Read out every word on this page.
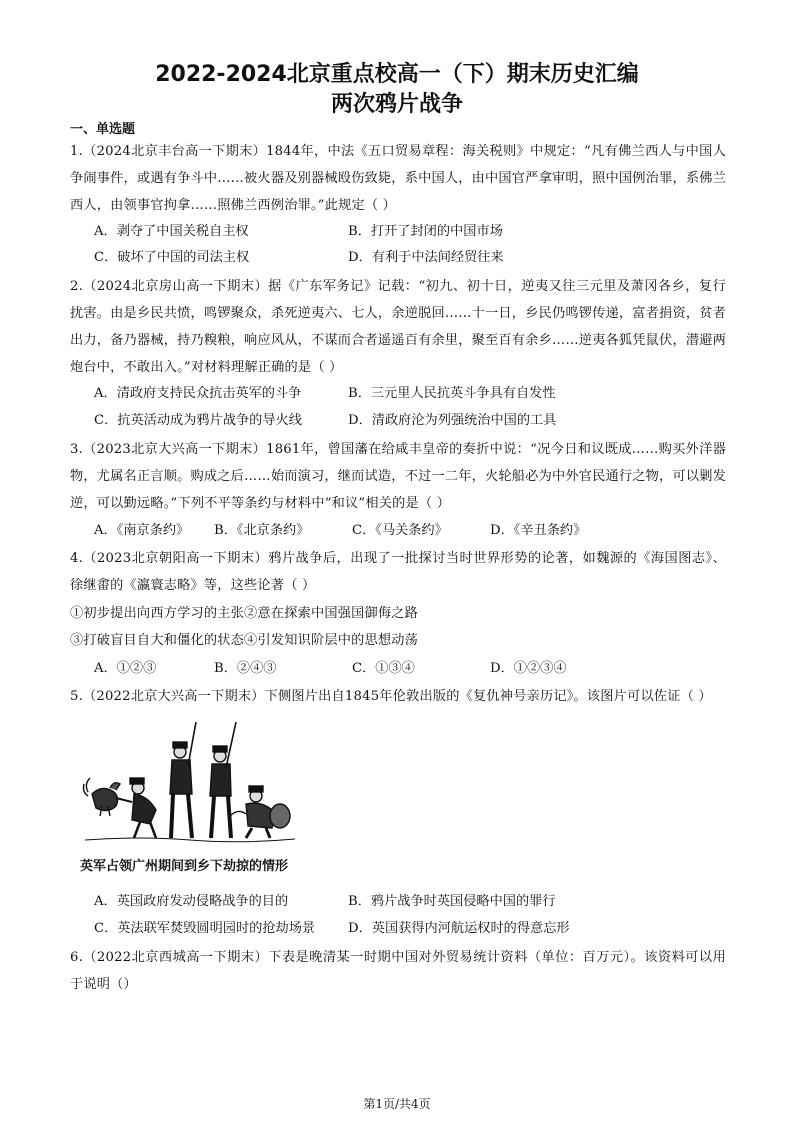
2022-2024北京重点校高一（下）期末历史汇编
两次鸦片战争
一、单选题
1.（2024北京丰台高一下期末）1844年，中法《五口贸易章程：海关税则》中规定：“凡有佛兰西人与中国人争闹事件，或遇有争斗中……被火器及别器械殴伤致毙，系中国人，由中国官严拿审明，照中国例治罪，系佛兰西人，由领事官拘拿……照佛兰西例治罪。”此规定（ ）
A．剥夺了中国关税自主权	B．打开了封闭的中国市场
C．破坏了中国的司法主权	D．有利于中法间经贸往来
2.（2024北京房山高一下期末）据《广东军务记》记载：“初九、初十日，逆夷又往三元里及萧冈各乡，复行扰害。由是乡民共愤，鸣锣聚众，杀死逆夷六、七人，余逆脱回……十一日，乡民仍鸣锣传递，富者捐资，贫者出力，备乃器械，持乃糗粮，响应风从，不谋而合者遥遥百有余里，聚至百有余乡……逆夷各狐凭鼠伏，潜避两炮台中，不敢出入。”对材料理解正确的是（ ）
A．清政府支持民众抗击英军的斗争	B．三元里人民抗英斗争具有自发性
C．抗英活动成为鸦片战争的导火线	D．清政府沦为列强统治中国的工具
3.（2023北京大兴高一下期末）1861年，曾国藩在给咸丰皇帝的奏折中说：“况今日和议既成……购买外洋器物，尤属名正言顺。购成之后……始而演习，继而试造，不过一二年，火轮船必为中外官民通行之物，可以剿发逆，可以勤远略。”下列不平等条约与材料中“和议”相关的是（ ）
A．《南京条约》 B．《北京条约》	C．《马关条约》	D．《辛丑条约》
4.（2023北京朝阳高一下期末）鸦片战争后，出现了一批探讨当时世界形势的论著，如魏源的《海国图志》、徐继畬的《瀛寰志略》等，这些论著（ ）
①初步提出向西方学习的主张②意在探索中国强国御侮之路
③打破盲目自大和僵化的状态④引发知识阶层中的思想动荡
A．①②③	B．②④③	C．①③④	D．①②③④
5.（2022北京大兴高一下期末）下侧图片出自1845年伦敦出版的《复仇神号亲历记》。该图片可以佐证（ ）
英军占领广州期间到乡下劫掠的情形
A．英国政府发动侵略战争的目的	B．鸦片战争时英国侵略中国的罪行
C．英法联军焚毁圆明园时的抢劫场景 D．英国获得内河航运权时的得意忘形
6.（2022北京西城高一下期末）下表是晚清某一时期中国对外贸易统计资料（单位：百万元）。该资料可以用于说明（）
第1页/共4页
